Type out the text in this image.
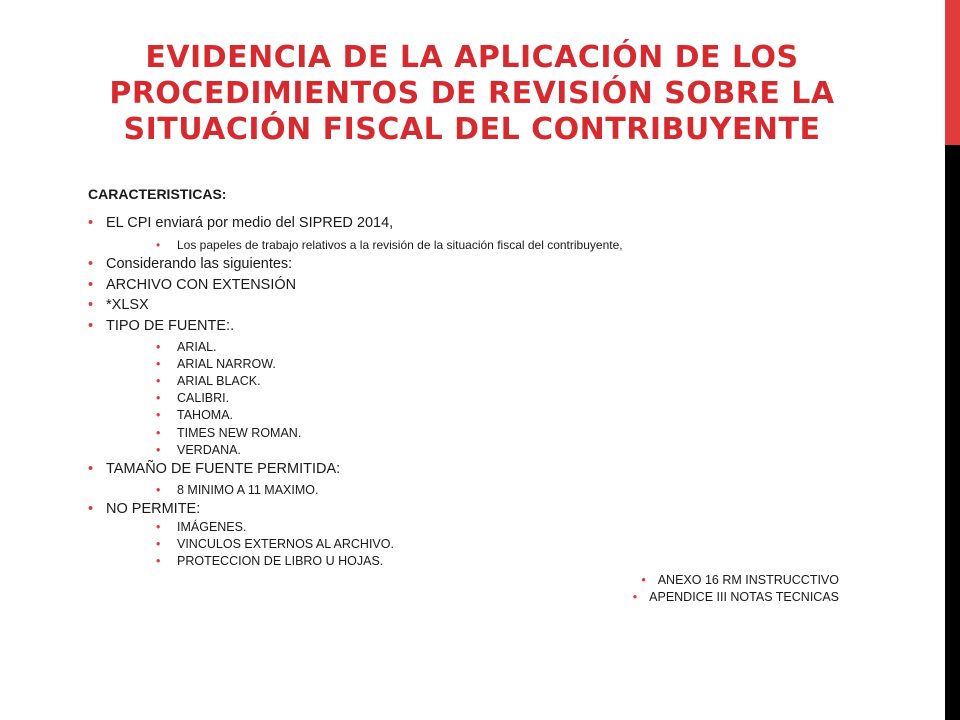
EVIDENCIA DE LA APLICACIÓN DE LOS
PROCEDIMIENTOS DE REVISIÓN SOBRE LA
SITUACIÓN FISCAL DEL CONTRIBUYENTE
CARACTERISTICAS:
• EL CPI enviará por medio del SIPRED 2014,
• Los papeles de trabajo relativos a la revisión de la situación fiscal del contribuyente,
• Considerando las siguientes:
• ARCHIVO CON EXTENSIÓN
• *XLSX
• TIPO DE FUENTE:.
• ARIAL.
• ARIAL NARROW.
• ARIAL BLACK.
• CALIBRI.
• TAHOMA.
• TIMES NEW ROMAN.
• VERDANA.
• TAMAÑO DE FUENTE PERMITIDA:
• 8 MINIMO A 11 MAXIMO.
• NO PERMITE:
• IMÁGENES.
• VINCULOS EXTERNOS AL ARCHIVO.
• PROTECCION DE LIBRO U HOJAS.
• ANEXO 16 RM INSTRUCCTIVO
• APENDICE III NOTAS TECNICAS
